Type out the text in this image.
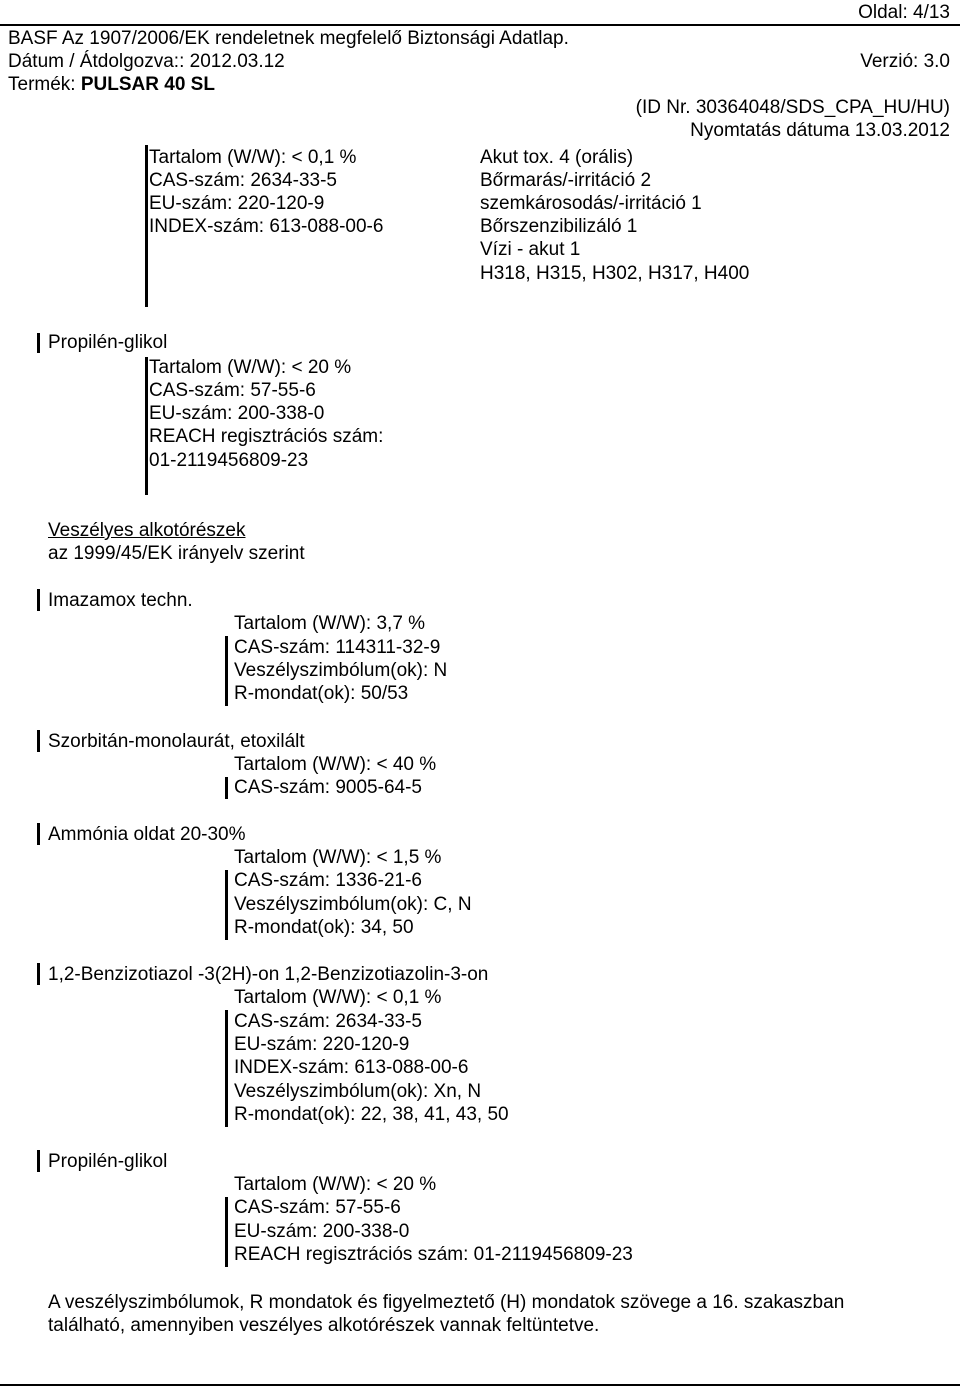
Oldal: 4/13
BASF Az 1907/2006/EK rendeletnek megfelelő Biztonsági Adatlap.
Dátum / Átdolgozva:: 2012.03.12	Verzió: 3.0
Termék: PULSAR 40 SL
(ID Nr. 30364048/SDS_CPA_HU/HU)
Nyomtatás dátuma 13.03.2012
Tartalom (W/W): < 0,1 %
CAS-szám: 2634-33-5
EU-szám: 220-120-9
INDEX-szám: 613-088-00-6
Akut tox. 4 (orális)
Bőrmarás/-irritáció 2
szemkárosodás/-irritáció 1
Bőrszenzibilizáló 1
Vízi - akut 1
H318, H315, H302, H317, H400
Propilén-glikol
Tartalom (W/W): < 20 %
CAS-szám: 57-55-6
EU-szám: 200-338-0
REACH regisztrációs szám:
01-2119456809-23
Veszélyes alkotórészek
az 1999/45/EK irányelv szerint
Imazamox techn.
Tartalom (W/W): 3,7 %
CAS-szám: 114311-32-9
Veszélyszimbólum(ok): N
R-mondat(ok): 50/53
Szorbitán-monolaurát, etoxilált
Tartalom (W/W): < 40 %
CAS-szám: 9005-64-5
Ammónia oldat 20-30%
Tartalom (W/W): < 1,5 %
CAS-szám: 1336-21-6
Veszélyszimbólum(ok): C, N
R-mondat(ok): 34, 50
1,2-Benzizotiazol -3(2H)-on 1,2-Benzizotiazolin-3-on
Tartalom (W/W): < 0,1 %
CAS-szám: 2634-33-5
EU-szám: 220-120-9
INDEX-szám: 613-088-00-6
Veszélyszimbólum(ok): Xn, N
R-mondat(ok): 22, 38, 41, 43, 50
Propilén-glikol
Tartalom (W/W): < 20 %
CAS-szám: 57-55-6
EU-szám: 200-338-0
REACH regisztrációs szám: 01-2119456809-23
A veszélyszimbólumok, R mondatok és figyelmeztető (H) mondatok szövege a 16. szakaszban
található, amennyiben veszélyes alkotórészek vannak feltüntetve.
